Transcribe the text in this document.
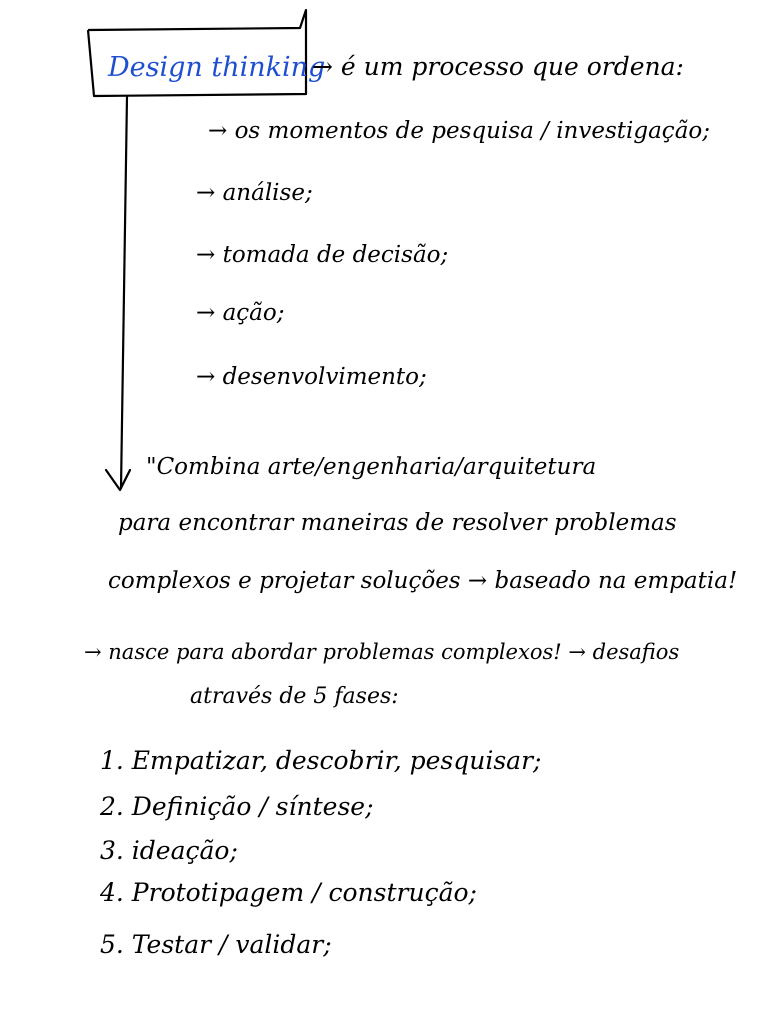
Design thinking
→ é um processo que ordena:
→ os momentos de pesquisa / investigação;
→ análise;
→ tomada de decisão;
→ ação;
→ desenvolvimento;
"Combina arte/engenharia/arquitetura
para encontrar maneiras de resolver problemas
complexos e projetar soluções → baseado na empatia!
→ nasce para abordar problemas complexos! → desafios
através de 5 fases:
1. Empatizar, descobrir, pesquisar;
2. Definição / síntese;
3. ideação;
4. Prototipagem / construção;
5. Testar / validar;
